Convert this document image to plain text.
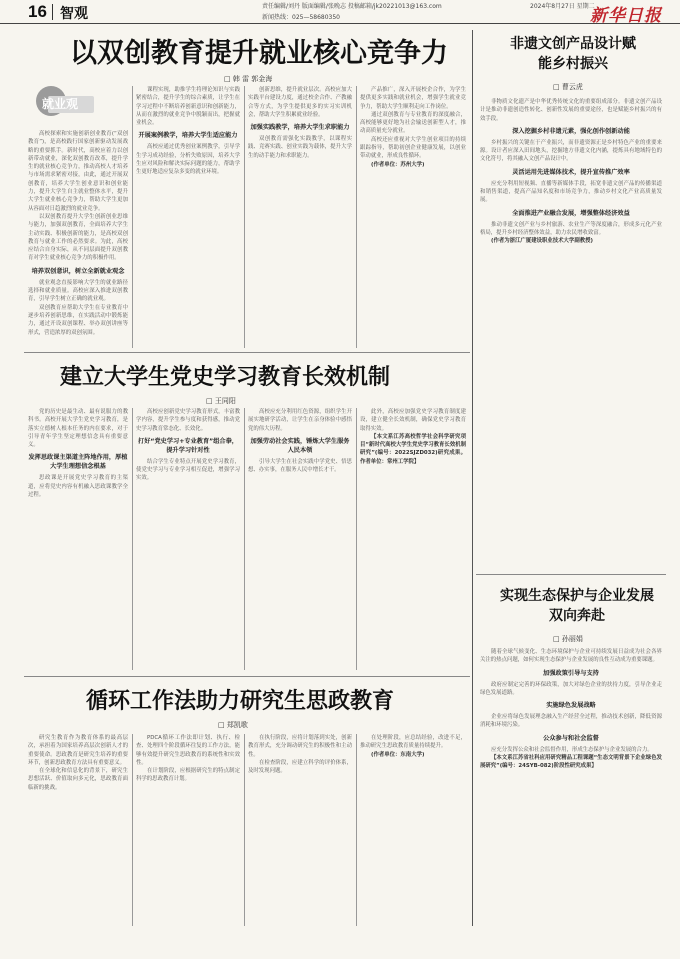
16 智观	责任编辑/刘丹 版面编辑/张晚志 投稿邮箱/jk20221013@163.com
新闻热线：025—58680350
2024年8月27日 星期二
新华日报
以双创教育提升就业核心竞争力
□ 韩 雷 郭金海
就业观

高校探索和实施创新创业教育(“双创教育”)，是高校践行国家创新驱动发展战略的重要抓手。新时代，高校应着力以创新带动就业，深化双创教育改革，提升学生的就业核心竞争力，推动高校人才培养与市场需求紧密对接，由此，通过开展双创教育，培养大学生创业意识和创业能力，提升大学生自主就业整体水平，提升大学生就业核心竞争力，帮助大学生更加从容面对日趋激烈的就业竞争。

以双创教育提升大学生创新创业思维与能力，加强双创教育，全面培养大学生主动实践、积极创新的能力，是高校双创教育与就业工作的必然要求。为此，高校应结合自身实际，从不同层面提升双创教育对学生就业核心竞争力的积极作用。

培养双创意识，树立全新就业观念

就业观念直接影响大学生的就业路径选择和就业质量。高校应深入推进双创教育，引导学生树立正确的就业观。

双创教育应帮助大学生在专业教育中逐步培养创新思维，在实践活动中锻炼能力，通过开设双创课程、举办双创讲座等形式，营造浓厚的双创氛围。

课程实现，助推学生将理论知识与实践紧密结合，提升学生的综合素质，让学生在学习过程中不断培养创新意识和创新能力，从而在激烈的就业竞争中脱颖而出，把握就业机会。

开展案例教学，培养大学生适应能力

高校应通过优秀创业案例教学，引导学生学习成功经验，分析失败原因，培养大学生应对风险和解决实际问题的能力，帮助学生更好地适应复杂多变的就业环境。

创新思维，提升就业层次。高校应加大实践平台建设力度，通过校企合作、产教融合等方式，为学生提供更多的实习实训机会，帮助大学生积累就业经验。

加强实践教学，培养大学生求职能力

双创教育需强化实践教学，以课程实践、竞赛实践、创业实践为载体，提升大学生的动手能力和求职能力。

产品推广，深入开展校企合作，为学生提供更多实践和就业机会，增强学生就业竞争力，帮助大学生顺利走向工作岗位。

通过双创教育与专业教育的深度融合，高校能够更好地为社会输送创新型人才，推动高质量充分就业。

高校还应重视对大学生创业项目的持续跟踪指导，帮助初创企业健康发展，以创业带动就业，形成良性循环。

(作者单位：苏州大学)

非遗文创产品设计赋能乡村振兴
□ 曹云虎

非物质文化遗产是中华优秀传统文化的重要组成部分。非遗文创产品设计是推动非遗创造性转化、创新性发展的重要途径，也是赋能乡村振兴的有效手段。

深入挖掘乡村非遗元素，强化创作创新动能

乡村振兴的关键在于产业振兴，而非遗资源正是乡村特色产业的重要来源。设计者应深入田间地头，挖掘地方非遗文化内涵，提炼具有地域特色的文化符号，将其融入文创产品设计中。

灵活运用先进媒体技术，提升宣传推广效率

应充分利用短视频、直播等新媒体手段，拓宽非遗文创产品的传播渠道和销售渠道，提高产品知名度和市场竞争力，推动乡村文化产业高质量发展。

全面推进产业融合发展，增强整体经济效益

推动非遗文创产业与乡村旅游、农业生产等深度融合，形成多元化产业格局，提升乡村经济整体效益，助力农民增收致富。

(作者为浙江广厦建设职业技术大学副教授)

实现生态保护与企业发展双向奔赴
□ 孙丽娟

随着全球气候变化、生态环境保护与企业可持续发展日益成为社会各界关注的热点问题，如何实现生态保护与企业发展的良性互动成为重要课题。

加强政策引导与支持

政府应制定完善的环保政策，加大对绿色企业的扶持力度，引导企业走绿色发展道路。

实施绿色发展战略

企业应将绿色发展理念融入生产经营全过程，推动技术创新，降低资源消耗和环境污染。

公众参与和社会监督

应充分发挥公众和社会监督作用，形成生态保护与企业发展的合力。

【本文系江苏省社科应用研究精品工程课题“生态文明背景下企业绿色发展研究”(编号：24SYB-082)阶段性研究成果】

建立大学生党史学习教育长效机制
□ 王同阳

党的历史是最生动、最有说服力的教科书。高校开展大学生党史学习教育，是落实立德树人根本任务的内在要求，对于引导青年学生坚定理想信念具有重要意义。

发挥思政课主渠道主阵地作用，厚植大学生理想信念根基

思政课是开展党史学习教育的主渠道，应将党史内容有机融入思政课教学全过程。

高校应创新党史学习教育形式，丰富教学内容，提升学生参与度和获得感，推动党史学习教育常态化、长效化。

打好“党史学习+专业教育”组合拳，提升学习针对性

结合学生专业特点开展党史学习教育，使党史学习与专业学习相互促进，增强学习实效。

高校应充分利用红色资源，组织学生开展实地研学活动，让学生在亲身体验中感悟党的伟大历程。

加强劳动社会实践，锤炼大学生服务人民本领

引导大学生在社会实践中学党史、悟思想、办实事，在服务人民中增长才干。

此外，高校应加强党史学习教育制度建设，建立健全长效机制，确保党史学习教育取得实效。

【本文系江苏高校哲学社会科学研究项目“新时代高校大学生党史学习教育长效机制研究”(编号：2022SJZD032)研究成果。作者单位：常州工学院】

循环工作法助力研究生思政教育
□ 郑凯歌

研究生教育作为教育体系的最高层次，承担着为国家培养高层次创新人才的重要使命。思政教育是研究生培养的重要环节，创新思政教育方法具有重要意义。

在全球化和信息化的背景下，研究生思想活跃、价值取向多元化，思政教育面临新的挑战。

PDCA循环工作法即计划、执行、检查、处理四个阶段循环往复的工作方法，能够有效提升研究生思政教育的系统性和实效性。

在计划阶段，应根据研究生的特点制定科学的思政教育计划。

在执行阶段，应将计划落到实处，创新教育形式，充分调动研究生的积极性和主动性。

在检查阶段，应建立科学的评价体系，及时发现问题。

在处理阶段，应总结经验，改进不足，推动研究生思政教育质量持续提升。

(作者单位：东南大学)
